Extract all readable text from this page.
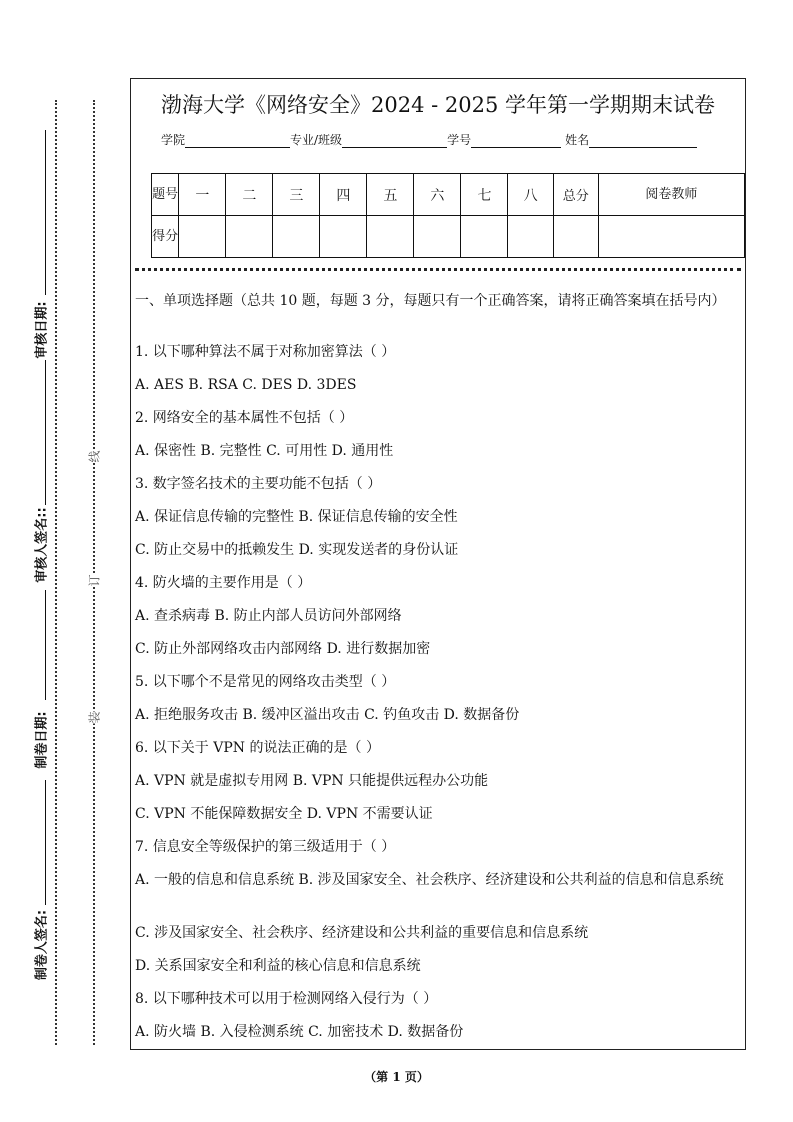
审核日期:
审核人签名::
制卷日期:
制卷人签名:
线
订
装
渤海大学《网络安全》2024 - 2025 学年第一学期期末试卷
学院	专业/班级	学号	姓名
题号	一	二	三	四	五	六	七	八	总分	阅卷教师
得分										

一、单项选择题（总共 10 题，每题 3 分，每题只有一个正确答案，请将正确答案填在括号内）

1. 以下哪种算法不属于对称加密算法（ ）

A. AES B. RSA C. DES D. 3DES

2. 网络安全的基本属性不包括（ ）

A. 保密性 B. 完整性 C. 可用性 D. 通用性

3. 数字签名技术的主要功能不包括（ ）

A. 保证信息传输的完整性 B. 保证信息传输的安全性

C. 防止交易中的抵赖发生 D. 实现发送者的身份认证

4. 防火墙的主要作用是（ ）

A. 查杀病毒 B. 防止内部人员访问外部网络

C. 防止外部网络攻击内部网络 D. 进行数据加密

5. 以下哪个不是常见的网络攻击类型（ ）

A. 拒绝服务攻击 B. 缓冲区溢出攻击 C. 钓鱼攻击 D. 数据备份

6. 以下关于 VPN 的说法正确的是（ ）

A. VPN 就是虚拟专用网 B. VPN 只能提供远程办公功能

C. VPN 不能保障数据安全 D. VPN 不需要认证

7. 信息安全等级保护的第三级适用于（ ）

A. 一般的信息和信息系统 B. 涉及国家安全、社会秩序、经济建设和公共利益的信息和信息系统

C. 涉及国家安全、社会秩序、经济建设和公共利益的重要信息和信息系统

D. 关系国家安全和利益的核心信息和信息系统

8. 以下哪种技术可以用于检测网络入侵行为（ ）

A. 防火墙 B. 入侵检测系统 C. 加密技术 D. 数据备份

（第 1 页）
